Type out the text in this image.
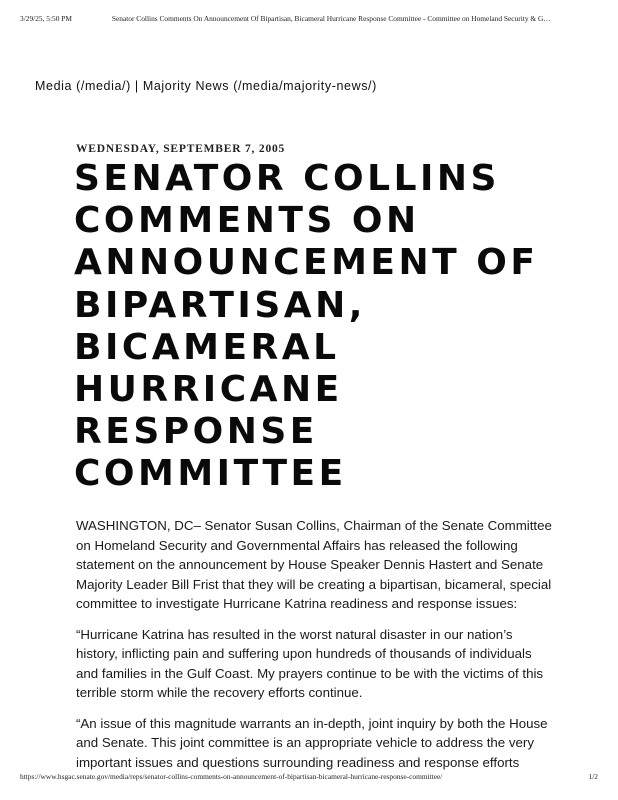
3/29/25, 5:50 PM	Senator Collins Comments On Announcement Of Bipartisan, Bicameral Hurricane Response Committee - Committee on Homeland Security & G…
Media (/media/) | Majority News (/media/majority-news/)
WEDNESDAY, SEPTEMBER 7, 2005
SENATOR COLLINS COMMENTS ON ANNOUNCEMENT OF BIPARTISAN, BICAMERAL HURRICANE RESPONSE COMMITTEE

WASHINGTON, DC– Senator Susan Collins, Chairman of the Senate Committee on Homeland Security and Governmental Affairs has released the following statement on the announcement by House Speaker Dennis Hastert and Senate Majority Leader Bill Frist that they will be creating a bipartisan, bicameral, special committee to investigate Hurricane Katrina readiness and response issues:

“Hurricane Katrina has resulted in the worst natural disaster in our nation’s history, inflicting pain and suffering upon hundreds of thousands of individuals and families in the Gulf Coast. My prayers continue to be with the victims of this terrible storm while the recovery efforts continue.

“An issue of this magnitude warrants an in-depth, joint inquiry by both the House and Senate. This joint committee is an appropriate vehicle to address the very important issues and questions surrounding readiness and response efforts

https://www.hsgac.senate.gov/media/reps/senator-collins-comments-on-announcement-of-bipartisan-bicameral-hurricane-response-committee/	1/2
